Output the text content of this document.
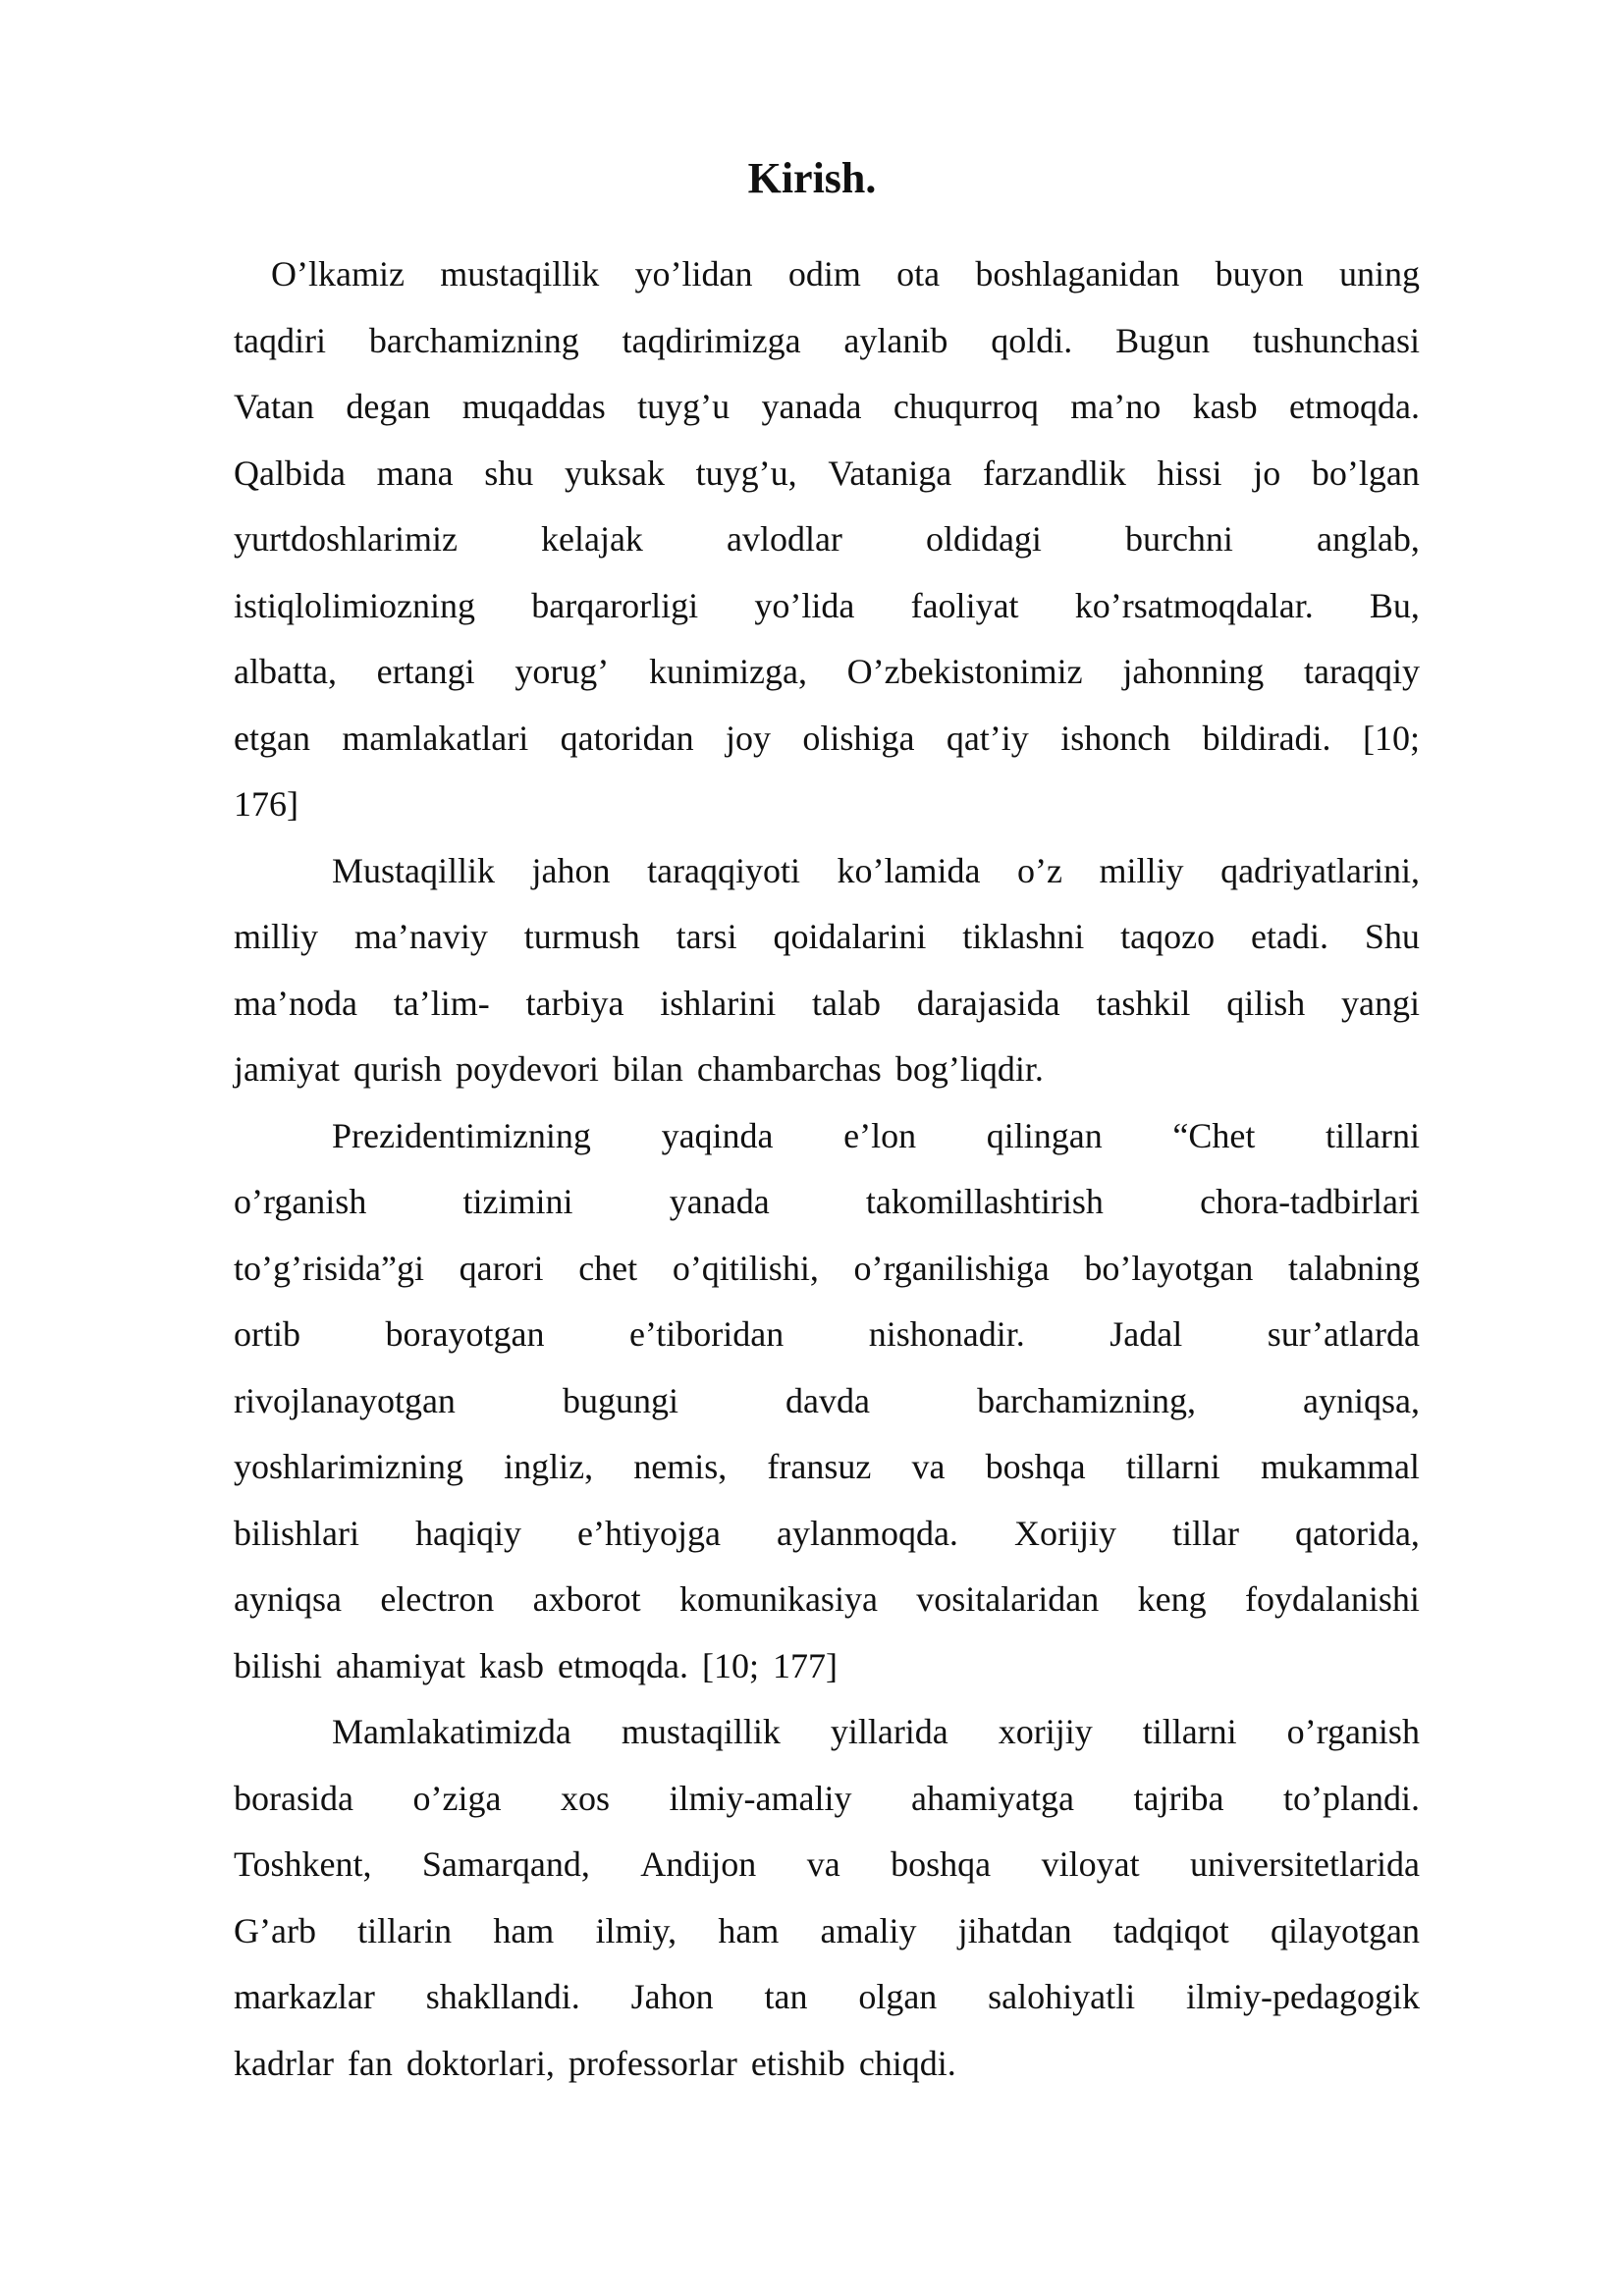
Kirish.
O’lkamiz mustaqillik yo’lidan odim ota boshlaganidan buyon uning
taqdiri barchamizning taqdirimizga aylanib qoldi. Bugun tushunchasi
Vatan degan muqaddas tuyg’u yanada chuqurroq ma’no kasb etmoqda.
Qalbida mana shu yuksak tuyg’u, Vataniga farzandlik hissi jo bo’lgan
yurtdoshlarimiz kelajak avlodlar oldidagi burchni anglab,
istiqlolimiozning barqarorligi yo’lida faoliyat ko’rsatmoqdalar. Bu,
albatta, ertangi yorug’ kunimizga, O’zbekistonimiz jahonning taraqqiy
etgan mamlakatlari qatoridan joy olishiga qat’iy ishonch bildiradi. [10;
176]
Mustaqillik jahon taraqqiyoti ko’lamida o’z milliy qadriyatlarini,
milliy ma’naviy turmush tarsi qoidalarini tiklashni taqozo etadi. Shu
ma’noda ta’lim- tarbiya ishlarini talab darajasida tashkil qilish yangi
jamiyat qurish poydevori bilan chambarchas bog’liqdir.
Prezidentimizning yaqinda e’lon qilingan “Chet tillarni
o’rganish	tizimini	yanada	takomillashtirish	chora-tadbirlari
to’g’risida”gi qarori chet o’qitilishi, o’rganilishiga bo’layotgan talabning
ortib borayotgan e’tiboridan nishonadir. Jadal sur’atlarda
rivojlanayotgan	bugungi	davda	barchamizning,	ayniqsa,
yoshlarimizning ingliz, nemis, fransuz va boshqa tillarni mukammal
bilishlari haqiqiy e’htiyojga aylanmoqda. Xorijiy tillar qatorida,
ayniqsa electron axborot komunikasiya vositalaridan keng foydalanishi
bilishi ahamiyat kasb etmoqda. [10; 177]
Mamlakatimizda mustaqillik yillarida xorijiy tillarni o’rganish
borasida o’ziga xos ilmiy-amaliy ahamiyatga tajriba to’plandi.
Toshkent, Samarqand, Andijon va boshqa viloyat universitetlarida
G’arb tillarin ham ilmiy, ham amaliy jihatdan tadqiqot qilayotgan
markazlar shakllandi. Jahon tan olgan salohiyatli ilmiy-pedagogik
kadrlar fan doktorlari, professorlar etishib chiqdi.
